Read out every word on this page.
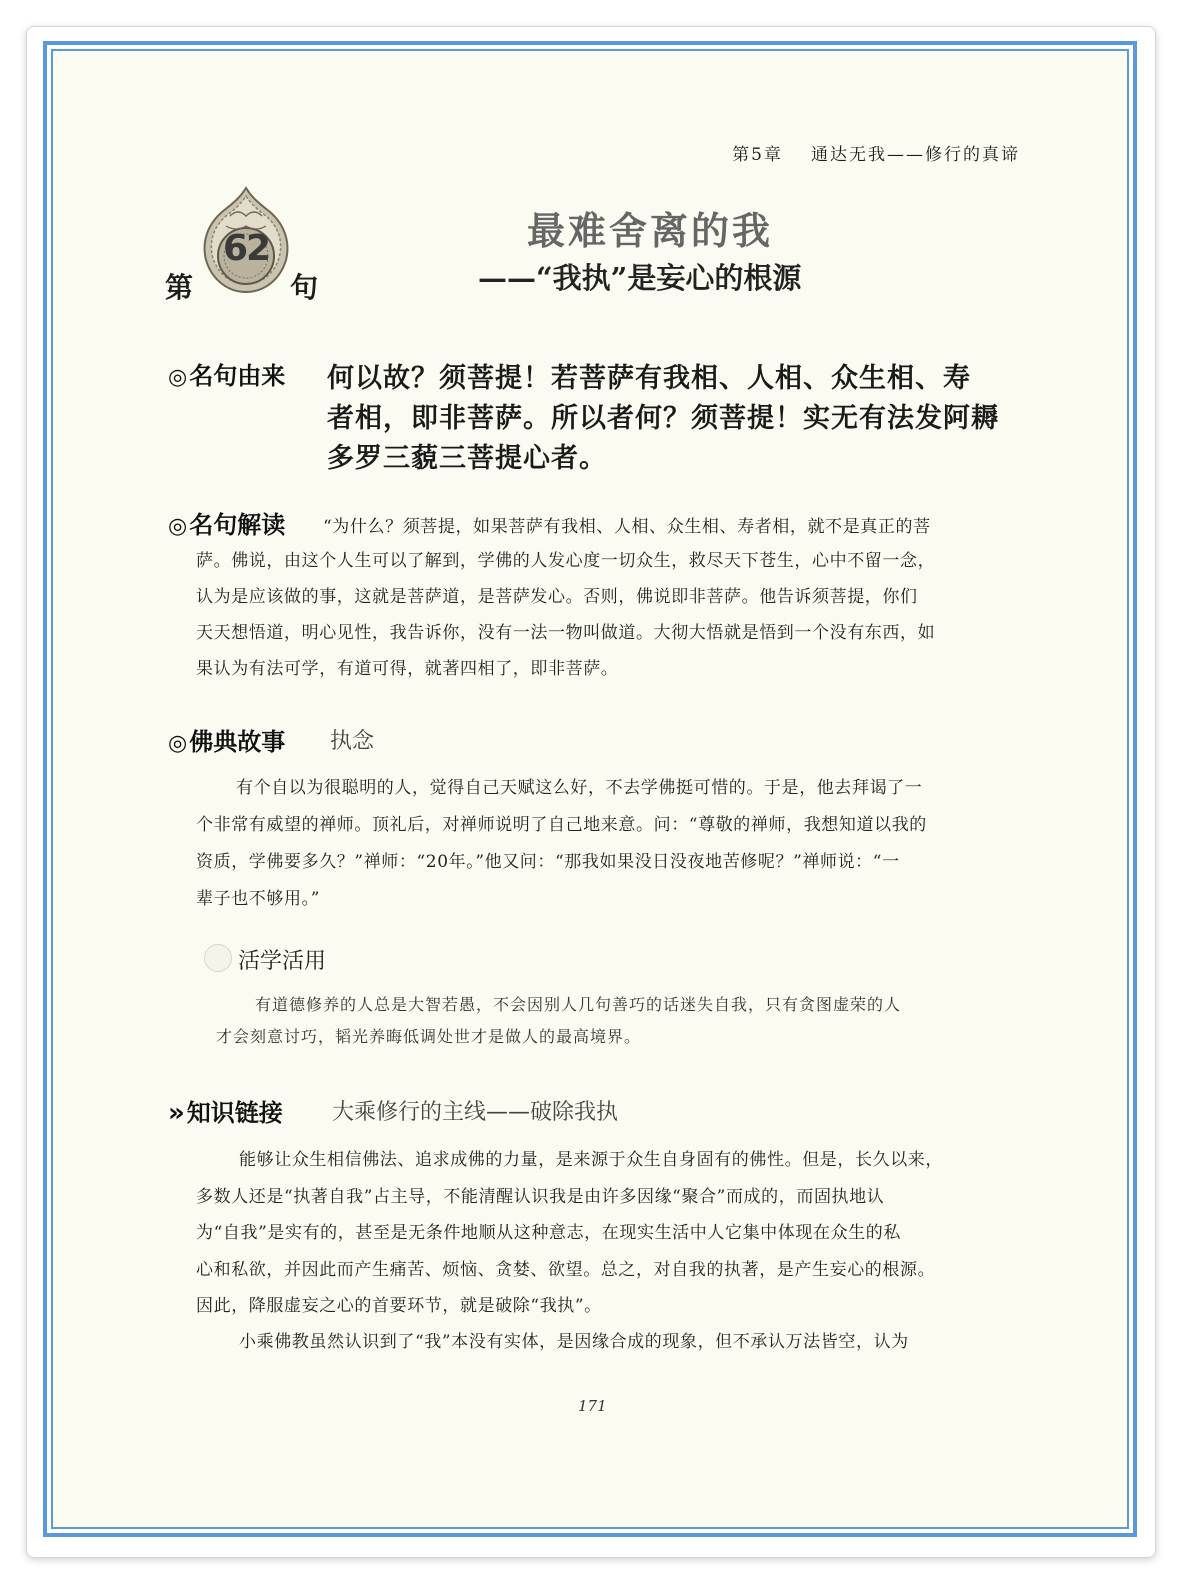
第5章 通达无我——修行的真谛
第
62
句
最难舍离的我
——“我执”是妄心的根源
◎名句由来 何以故？须菩提！若菩萨有我相、人相、众生相、寿
者相，即非菩萨。所以者何？须菩提！实无有法发阿耨
多罗三藐三菩提心者。
◎名句解读 “为什么？须菩提，如果菩萨有我相、人相、众生相、寿者相，就不是真正的菩
萨。佛说，由这个人生可以了解到，学佛的人发心度一切众生，救尽天下苍生，心中不留一念，
认为是应该做的事，这就是菩萨道，是菩萨发心。否则，佛说即非菩萨。他告诉须菩提，你们
天天想悟道，明心见性，我告诉你，没有一法一物叫做道。大彻大悟就是悟到一个没有东西，如
果认为有法可学，有道可得，就著四相了，即非菩萨。
◎佛典故事 执念
有个自以为很聪明的人，觉得自己天赋这么好，不去学佛挺可惜的。于是，他去拜谒了一
个非常有威望的禅师。顶礼后，对禅师说明了自己地来意。问：“尊敬的禅师，我想知道以我的
资质，学佛要多久？”禅师：“20年。”他又问：“那我如果没日没夜地苦修呢？”禅师说：“一
辈子也不够用。”
活学活用
有道德修养的人总是大智若愚，不会因别人几句善巧的话迷失自我，只有贪图虚荣的人
才会刻意讨巧，韬光养晦低调处世才是做人的最高境界。
»知识链接 大乘修行的主线——破除我执
能够让众生相信佛法、追求成佛的力量，是来源于众生自身固有的佛性。但是，长久以来，
多数人还是“执著自我”占主导，不能清醒认识我是由许多因缘“聚合”而成的，而固执地认
为“自我”是实有的，甚至是无条件地顺从这种意志，在现实生活中人它集中体现在众生的私
心和私欲，并因此而产生痛苦、烦恼、贪婪、欲望。总之，对自我的执著，是产生妄心的根源。
因此，降服虚妄之心的首要环节，就是破除“我执”。
小乘佛教虽然认识到了“我”本没有实体，是因缘合成的现象，但不承认万法皆空，认为
171
